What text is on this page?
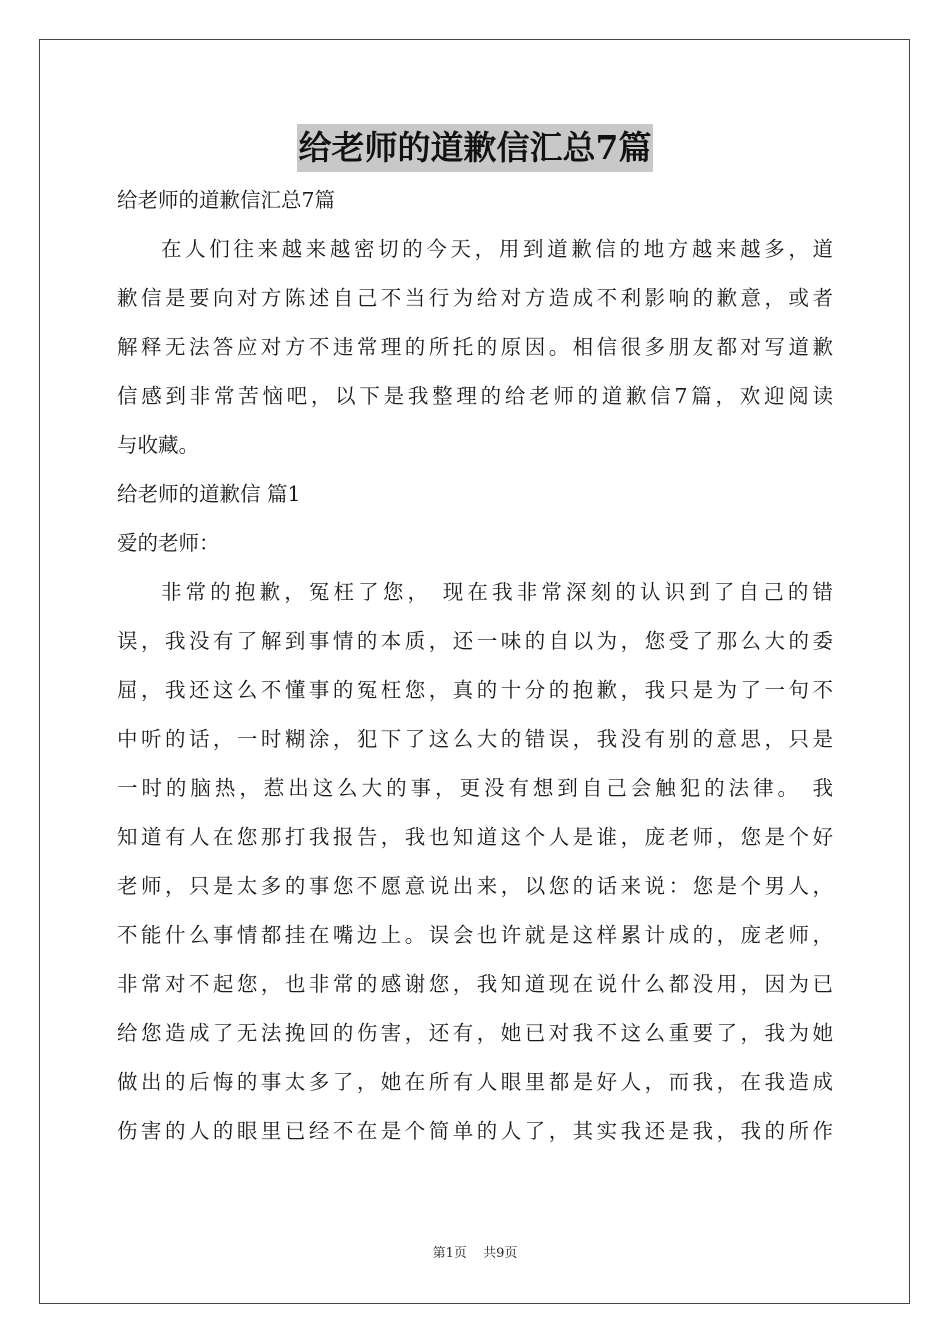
给老师的道歉信汇总7篇
给老师的道歉信汇总7篇
在人们往来越来越密切的今天，用到道歉信的地方越来越多，道
歉信是要向对方陈述自己不当行为给对方造成不利影响的歉意，或者
解释无法答应对方不违常理的所托的原因。相信很多朋友都对写道歉
信感到非常苦恼吧，以下是我整理的给老师的道歉信7篇，欢迎阅读
与收藏。
给老师的道歉信 篇1
爱的老师：
非常的抱歉，冤枉了您， 现在我非常深刻的认识到了自己的错
误，我没有了解到事情的本质，还一味的自以为，您受了那么大的委
屈，我还这么不懂事的冤枉您，真的十分的抱歉，我只是为了一句不
中听的话，一时糊涂，犯下了这么大的错误，我没有别的意思，只是
一时的脑热，惹出这么大的事，更没有想到自己会触犯的法律。 我
知道有人在您那打我报告，我也知道这个人是谁，庞老师，您是个好
老师，只是太多的事您不愿意说出来，以您的话来说：您是个男人，
不能什么事情都挂在嘴边上。误会也许就是这样累计成的，庞老师，
非常对不起您，也非常的感谢您，我知道现在说什么都没用，因为已
给您造成了无法挽回的伤害，还有，她已对我不这么重要了，我为她
做出的后悔的事太多了，她在所有人眼里都是好人，而我，在我造成
伤害的人的眼里已经不在是个简单的人了，其实我还是我，我的所作
第1页 共9页
